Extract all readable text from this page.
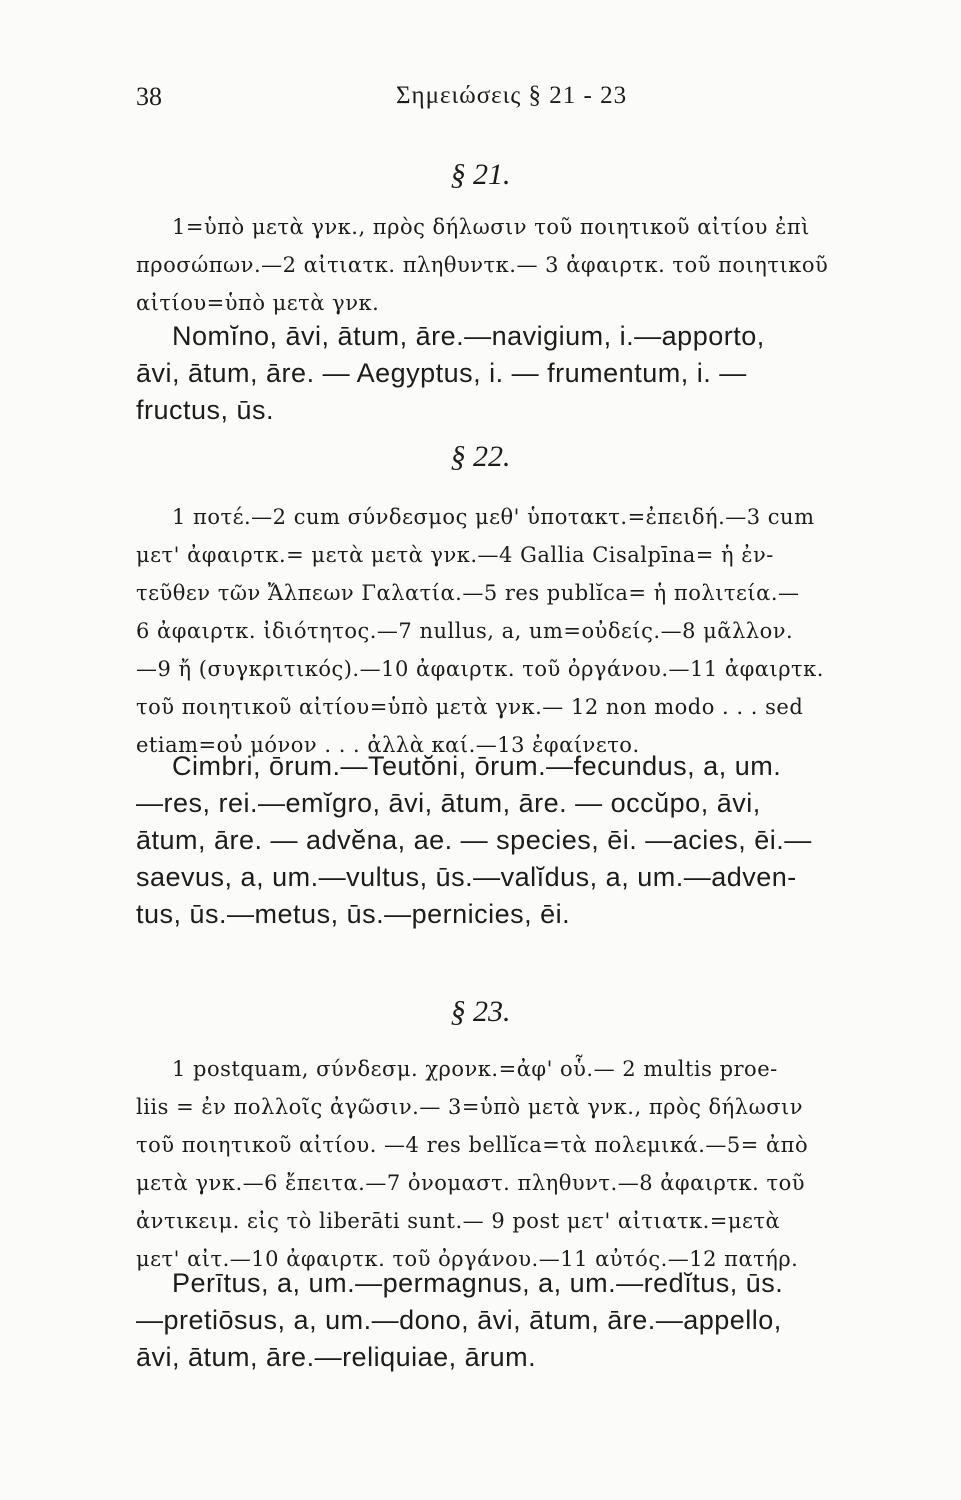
38	Σημειώσεις § 21 - 23
§ 21.
1=ὑπὸ μετὰ γνκ., πρὸς δήλωσιν τοῦ ποιητικοῦ αἰτίου ἐπὶ
προσώπων.—2 αἰτιατκ. πληθυντκ.— 3 ἀφαιρτκ. τοῦ ποιητικοῦ
αἰτίου=ὑπὸ μετὰ γνκ.
Nomĭno, āvi, ātum, āre.—navigium, i.—apporto,
āvi, ātum, āre. — Aegyptus, i. — frumentum, i. —
fructus, ūs.
§ 22.
1 ποτέ.—2 cum σύνδεσμος μεθ' ὑποτακτ.=ἐπειδή.—3 cum
μετ' ἀφαιρτκ.= μετὰ μετὰ γνκ.—4 Gallia Cisalpīna= ἡ ἐν-
τεῦθεν τῶν Ἄλπεων Γαλατία.—5 res publĭca= ἡ πολιτεία.—
6 ἀφαιρτκ. ἰδιότητος.—7 nullus, a, um=οὐδείς.—8 μᾶλλον.
—9 ἤ (συγκριτικός).—10 ἀφαιρτκ. τοῦ ὀργάνου.—11 ἀφαιρτκ.
τοῦ ποιητικοῦ αἰτίου=ὑπὸ μετὰ γνκ.— 12 non modo . . . sed
etiam=οὐ μόνον . . . ἀλλὰ καί.—13 ἐφαίνετο.
Cimbri, ōrum.—Teutŏni, ōrum.—fecundus, a, um.
—res, rei.—emĭgro, āvi, ātum, āre. — occŭpo, āvi,
ātum, āre. — advĕna, ae. — species, ēi. —acies, ēi.—
saevus, a, um.—vultus, ūs.—valĭdus, a, um.—adven-
tus, ūs.—metus, ūs.—pernicies, ēi.
§ 23.
1 postquam, σύνδεσμ. χρονκ.=ἀφ' οὗ.— 2 multis proe-
liis = ἐν πολλοῖς ἀγῶσιν.— 3=ὑπὸ μετὰ γνκ., πρὸς δήλωσιν
τοῦ ποιητικοῦ αἰτίου. —4 res bellĭca=τὰ πολεμικά.—5= ἀπὸ
μετὰ γνκ.—6 ἔπειτα.—7 ὀνομαστ. πληθυντ.—8 ἀφαιρτκ. τοῦ
ἀντικειμ. εἰς τὸ liberāti sunt.— 9 post μετ' αἰτιατκ.=μετὰ
μετ' αἰτ.—10 ἀφαιρτκ. τοῦ ὀργάνου.—11 αὐτός.—12 πατήρ.
Perītus, a, um.—permagnus, a, um.—redĭtus, ūs.
—pretiōsus, a, um.—dono, āvi, ātum, āre.—appello,
āvi, ātum, āre.—reliquiae, ārum.
